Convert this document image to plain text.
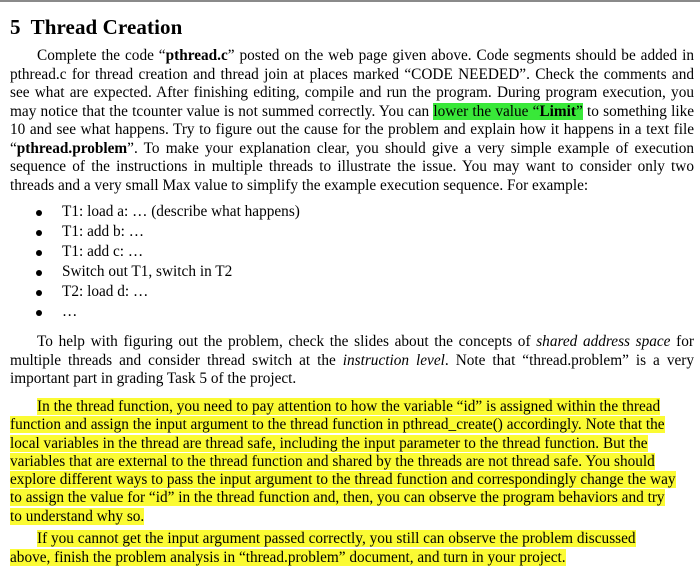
5 Thread Creation
Complete the code “pthread.c” posted on the web page given above. Code segments should be added in pthread.c for thread creation and thread join at places marked “CODE NEEDED”. Check the comments and see what are expected. After finishing editing, compile and run the program. During program execution, you may notice that the tcounter value is not summed correctly. You can lower the value “Limit” to something like 10 and see what happens. Try to figure out the cause for the problem and explain how it happens in a text file “pthread.problem”. To make your explanation clear, you should give a very simple example of execution sequence of the instructions in multiple threads to illustrate the issue. You may want to consider only two threads and a very small Max value to simplify the example execution sequence. For example:
T1: load a: … (describe what happens)
T1: add b: …
T1: add c: …
Switch out T1, switch in T2
T2: load d: …
…
To help with figuring out the problem, check the slides about the concepts of shared address space for multiple threads and consider thread switch at the instruction level. Note that “thread.problem” is a very important part in grading Task 5 of the project.
In the thread function, you need to pay attention to how the variable “id” is assigned within the thread
function and assign the input argument to the thread function in pthread_create() accordingly. Note that the
local variables in the thread are thread safe, including the input parameter to the thread function. But the
variables that are external to the thread function and shared by the threads are not thread safe. You should
explore different ways to pass the input argument to the thread function and correspondingly change the way
to assign the value for “id” in the thread function and, then, you can observe the program behaviors and try
to understand why so.
If you cannot get the input argument passed correctly, you still can observe the problem discussed
above, finish the problem analysis in “thread.problem” document, and turn in your project.
